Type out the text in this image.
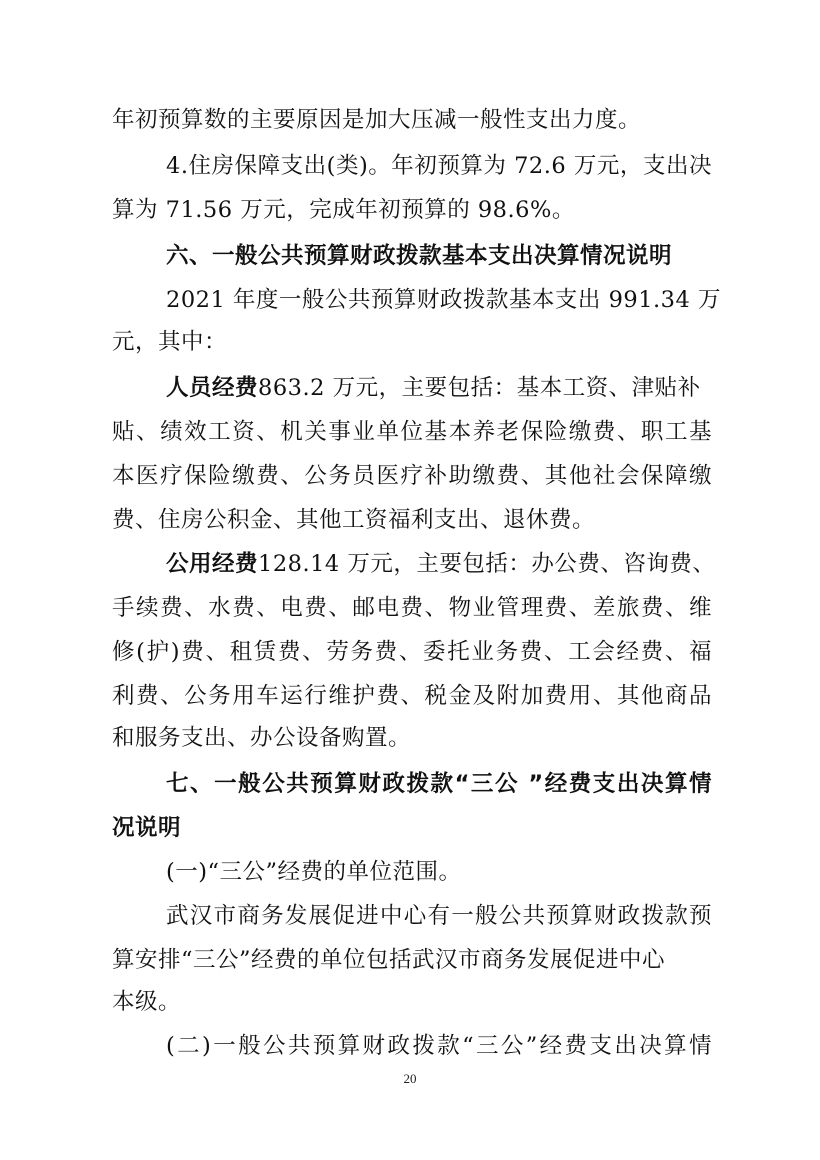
年初预算数的主要原因是加大压减一般性支出力度。
4.住房保障支出(类)。年初预算为 72.6 万元，支出决
算为 71.56 万元，完成年初预算的 98.6%。
六、一般公共预算财政拨款基本支出决算情况说明
2021 年度一般公共预算财政拨款基本支出 991.34 万
元，其中：
人员经费863.2 万元，主要包括：基本工资、津贴补
贴、绩效工资、机关事业单位基本养老保险缴费、职工基
本医疗保险缴费、公务员医疗补助缴费、其他社会保障缴
费、住房公积金、其他工资福利支出、退休费。
公用经费128.14 万元，主要包括：办公费、咨询费、
手续费、水费、电费、邮电费、物业管理费、差旅费、维
修(护)费、租赁费、劳务费、委托业务费、工会经费、福
利费、公务用车运行维护费、税金及附加费用、其他商品
和服务支出、办公设备购置。
七、一般公共预算财政拨款“三公 ”经费支出决算情
况说明
(一)“三公”经费的单位范围。
武汉市商务发展促进中心有一般公共预算财政拨款预
算安排“三公”经费的单位包括武汉市商务发展促进中心
本级。
(二)一般公共预算财政拨款“三公”经费支出决算情
20
